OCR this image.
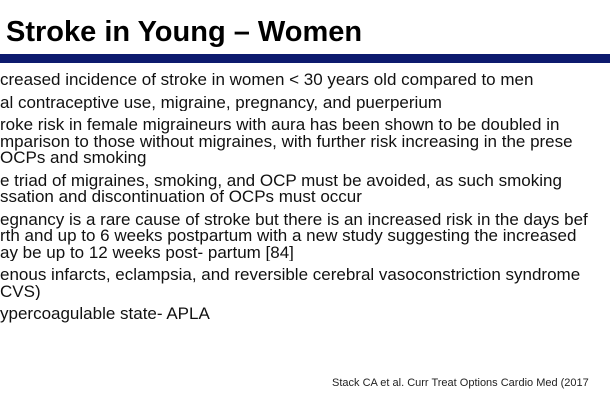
Stroke in Young – Women
creased incidence of stroke in women < 30 years old compared to men
al contraceptive use, migraine, pregnancy, and puerperium
roke risk in female migraineurs with aura has been shown to be doubled in
mparison to those without migraines, with further risk increasing in the prese
OCPs and smoking
e triad of migraines, smoking, and OCP must be avoided, as such smoking
ssation and discontinuation of OCPs must occur
egnancy is a rare cause of stroke but there is an increased risk in the days bef
rth and up to 6 weeks postpartum with a new study suggesting the increased
ay be up to 12 weeks post- partum [84]
enous infarcts, eclampsia, and reversible cerebral vasoconstriction syndrome
CVS)
ypercoagulable state- APLA
Stack CA et al. Curr Treat Options Cardio Med (2017
